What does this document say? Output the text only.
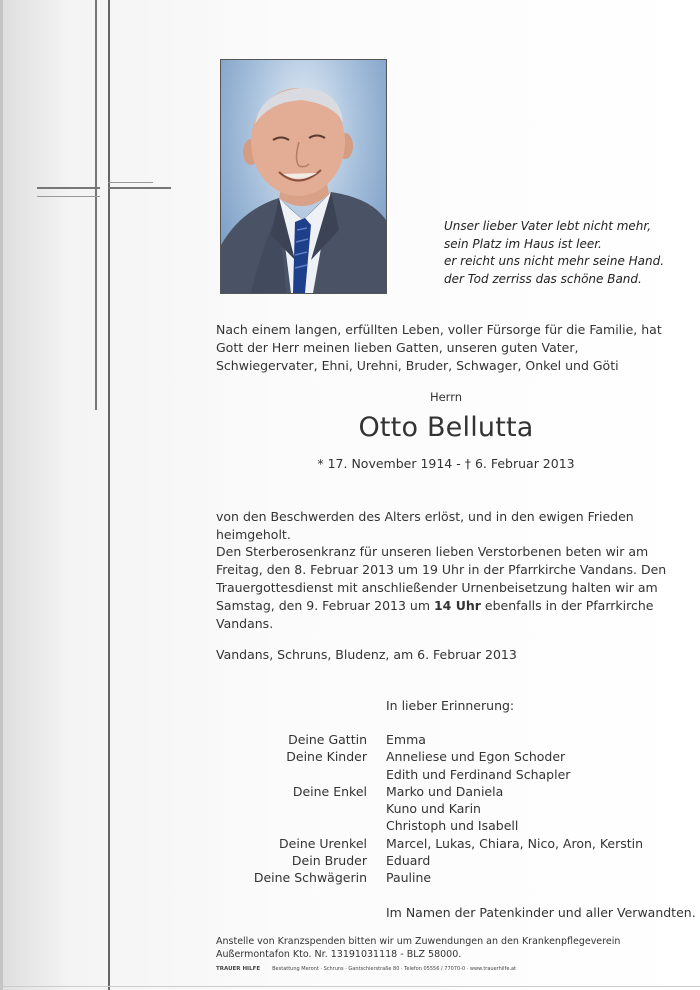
Unser lieber Vater lebt nicht mehr,
sein Platz im Haus ist leer.
er reicht uns nicht mehr seine Hand.
der Tod zerriss das schöne Band.

Nach einem langen, erfüllten Leben, voller Fürsorge für die Familie, hat Gott der Herr meinen lieben Gatten, unseren guten Vater, Schwiegervater, Ehni, Urehni, Bruder, Schwager, Onkel und Göti

Herrn
Otto Bellutta
* 17. November 1914 - † 6. Februar 2013

von den Beschwerden des Alters erlöst, und in den ewigen Frieden heimgeholt.

Den Sterberosenkranz für unseren lieben Verstorbenen beten wir am Freitag, den 8. Februar 2013 um 19 Uhr in der Pfarrkirche Vandans. Den Trauergottesdienst mit anschließender Urnenbeisetzung halten wir am Samstag, den 9. Februar 2013 um 14 Uhr ebenfalls in der Pfarrkirche Vandans.

Vandans, Schruns, Bludenz, am 6. Februar 2013

In lieber Erinnerung:
Deine Gattin	Emma
Deine Kinder	Anneliese und Egon Schoder
	Edith und Ferdinand Schapler
Deine Enkel	Marko und Daniela
	Kuno und Karin
	Christoph und Isabell
Deine Urenkel	Marcel, Lukas, Chiara, Nico, Aron, Kerstin
Dein Bruder	Eduard
Deine Schwägerin	Pauline
Im Namen der Patenkinder und aller Verwandten.
Anstelle von Kranzspenden bitten wir um Zuwendungen an den Krankenpflegeverein
Außermontafon Kto. Nr. 13191031118 - BLZ 58000.
TRAUER HILFE Bestattung Meront · Schruns · Gantschierstraße 80 · Telefon 05556 / 77070-0 · www.trauerhilfe.at
